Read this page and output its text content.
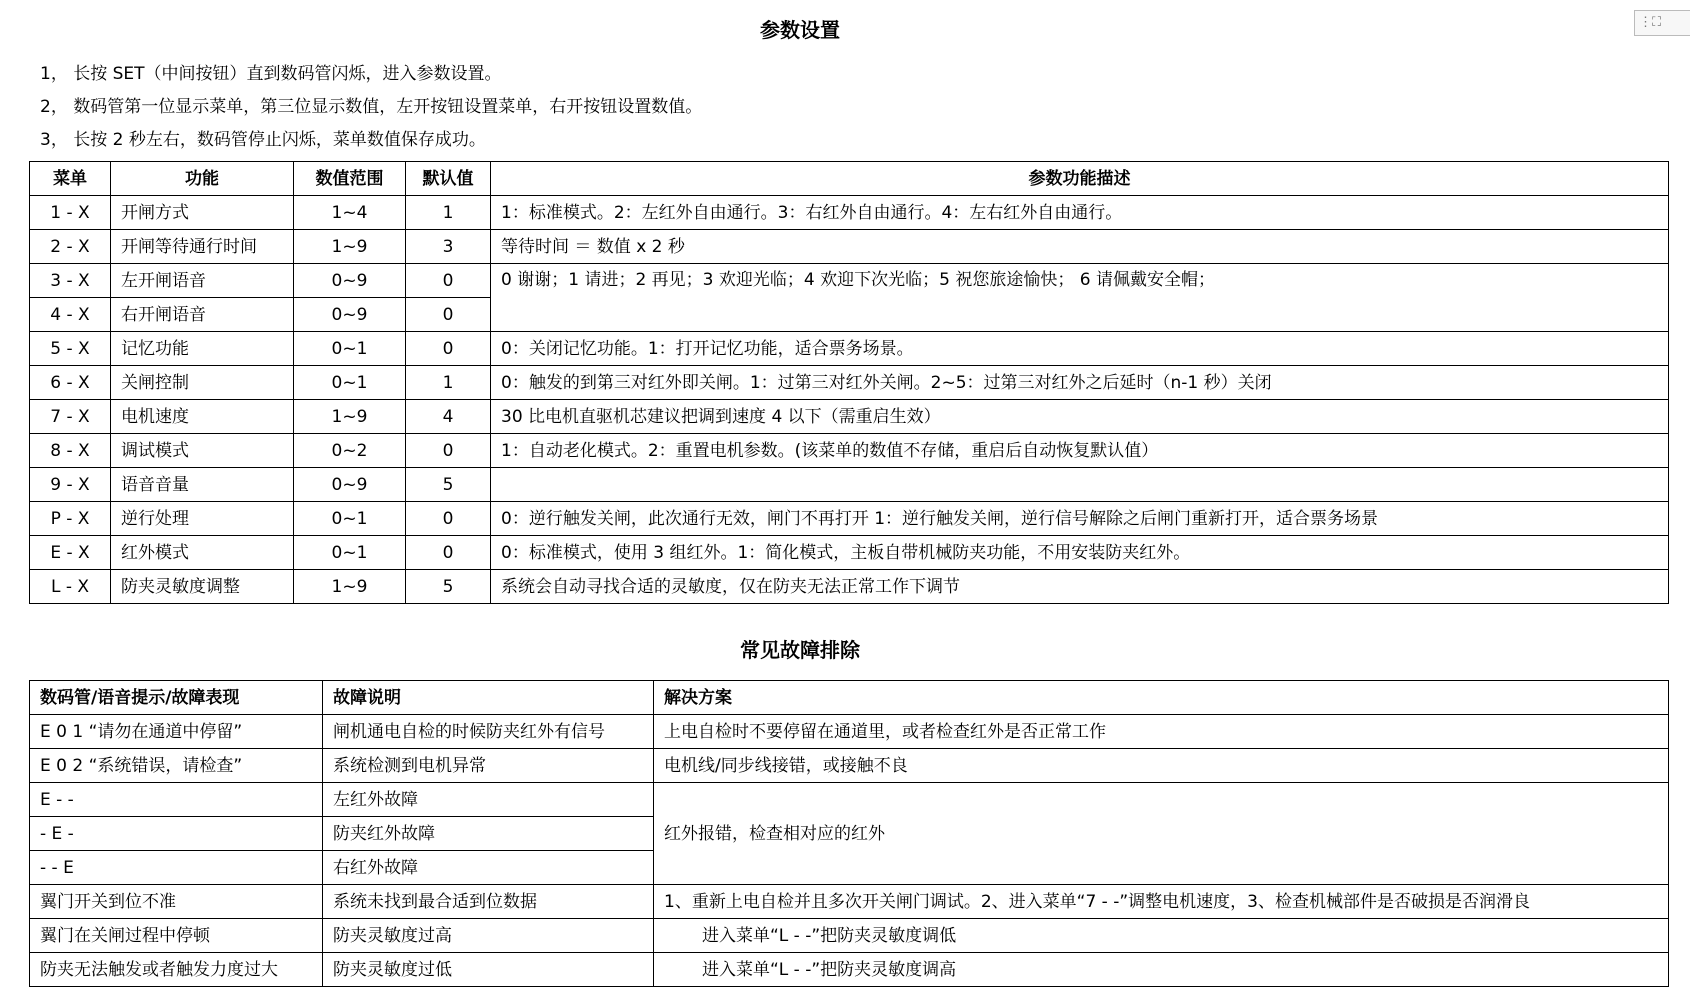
参数设置	⋮⛶
1， 长按 SET（中间按钮）直到数码管闪烁，进入参数设置。
2， 数码管第一位显示菜单，第三位显示数值，左开按钮设置菜单，右开按钮设置数值。
3， 长按 2 秒左右，数码管停止闪烁，菜单数值保存成功。
菜单	功能	数值范围	默认值	参数功能描述
1 - X	开闸方式	1~4	1	1：标准模式。2：左红外自由通行。3：右红外自由通行。4：左右红外自由通行。
2 - X	开闸等待通行时间	1~9	3	等待时间 ＝ 数值 x 2 秒
3 - X	左开闸语音	0~9	0	0 谢谢；1 请进；2 再见；3 欢迎光临；4 欢迎下次光临；5 祝您旅途愉快； 6 请佩戴安全帽；
4 - X	右开闸语音	0~9	0	
5 - X	记忆功能	0~1	0	0：关闭记忆功能。1：打开记忆功能，适合票务场景。
6 - X	关闸控制	0~1	1	0：触发的到第三对红外即关闸。1：过第三对红外关闸。2~5：过第三对红外之后延时（n-1 秒）关闭
7 - X	电机速度	1~9	4	30 比电机直驱机芯建议把调到速度 4 以下（需重启生效）
8 - X	调试模式	0~2	0	1：自动老化模式。2：重置电机参数。(该菜单的数值不存储，重启后自动恢复默认值）
9 - X	语音音量	0~9	5	
P - X	逆行处理	0~1	0	0：逆行触发关闸，此次通行无效，闸门不再打开 1：逆行触发关闸，逆行信号解除之后闸门重新打开，适合票务场景
E - X	红外模式	0~1	0	0：标准模式，使用 3 组红外。1：简化模式，主板自带机械防夹功能，不用安装防夹红外。
L - X	防夹灵敏度调整	1~9	5	系统会自动寻找合适的灵敏度，仅在防夹无法正常工作下调节
常见故障排除
数码管/语音提示/故障表现	故障说明	解决方案
E 0 1 “请勿在通道中停留”	闸机通电自检的时候防夹红外有信号	上电自检时不要停留在通道里，或者检查红外是否正常工作
E 0 2 “系统错误，请检查”	系统检测到电机异常	电机线/同步线接错，或接触不良
E - -	左红外故障	红外报错，检查相对应的红外
- E -	防夹红外故障	
- - E	右红外故障	
翼门开关到位不准	系统未找到最合适到位数据	1、重新上电自检并且多次开关闸门调试。2、进入菜单“7 - -”调整电机速度，3、检查机械部件是否破损是否润滑良
翼门在关闸过程中停顿	防夹灵敏度过高	进入菜单“L - -”把防夹灵敏度调低
防夹无法触发或者触发力度过大	防夹灵敏度过低	进入菜单“L - -”把防夹灵敏度调高
